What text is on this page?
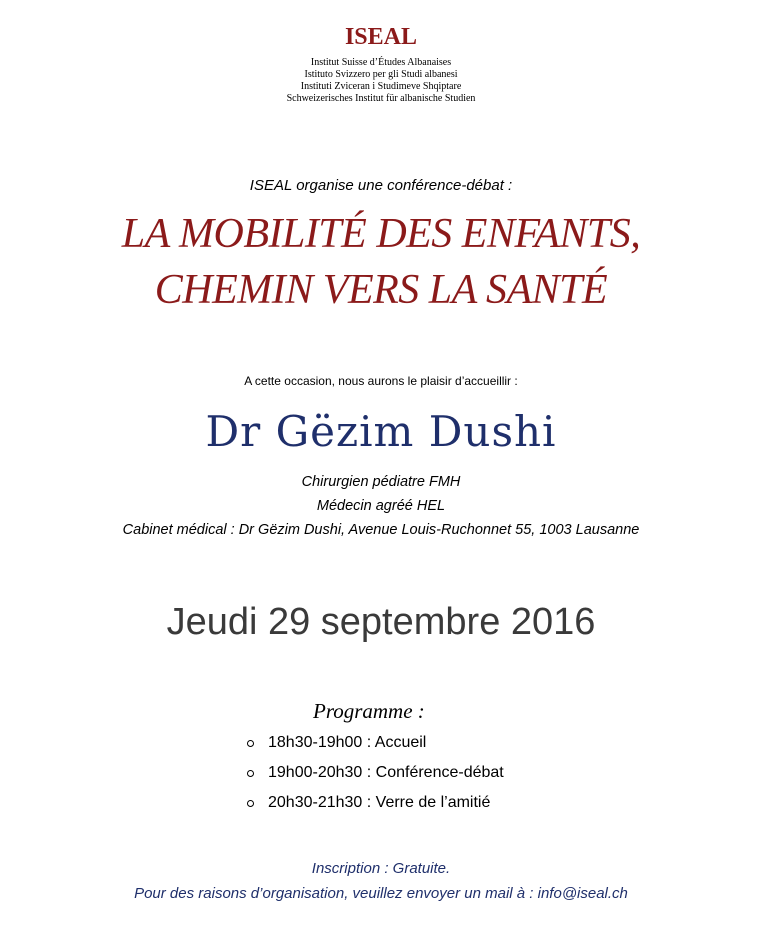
ISEAL
Institut Suisse d’Études Albanaises
Istituto Svizzero per gli Studi albanesi
Instituti Zviceran i Studimeve Shqiptare
Schweizerisches Institut für albanische Studien
ISEAL organise une conférence-débat :
LA MOBILITÉ DES ENFANTS,
CHEMIN VERS LA SANTÉ
A cette occasion, nous aurons le plaisir d’accueillir :
Dr Gëzim Dushi
Chirurgien pédiatre FMH
Médecin agréé HEL
Cabinet médical : Dr Gëzim Dushi, Avenue Louis-Ruchonnet 55, 1003 Lausanne
Jeudi 29 septembre 2016
Programme :
18h30-19h00 : Accueil
19h00-20h30 : Conférence-débat
20h30-21h30 : Verre de l’amitié
Inscription : Gratuite.
Pour des raisons d’organisation, veuillez envoyer un mail à : info@iseal.ch
